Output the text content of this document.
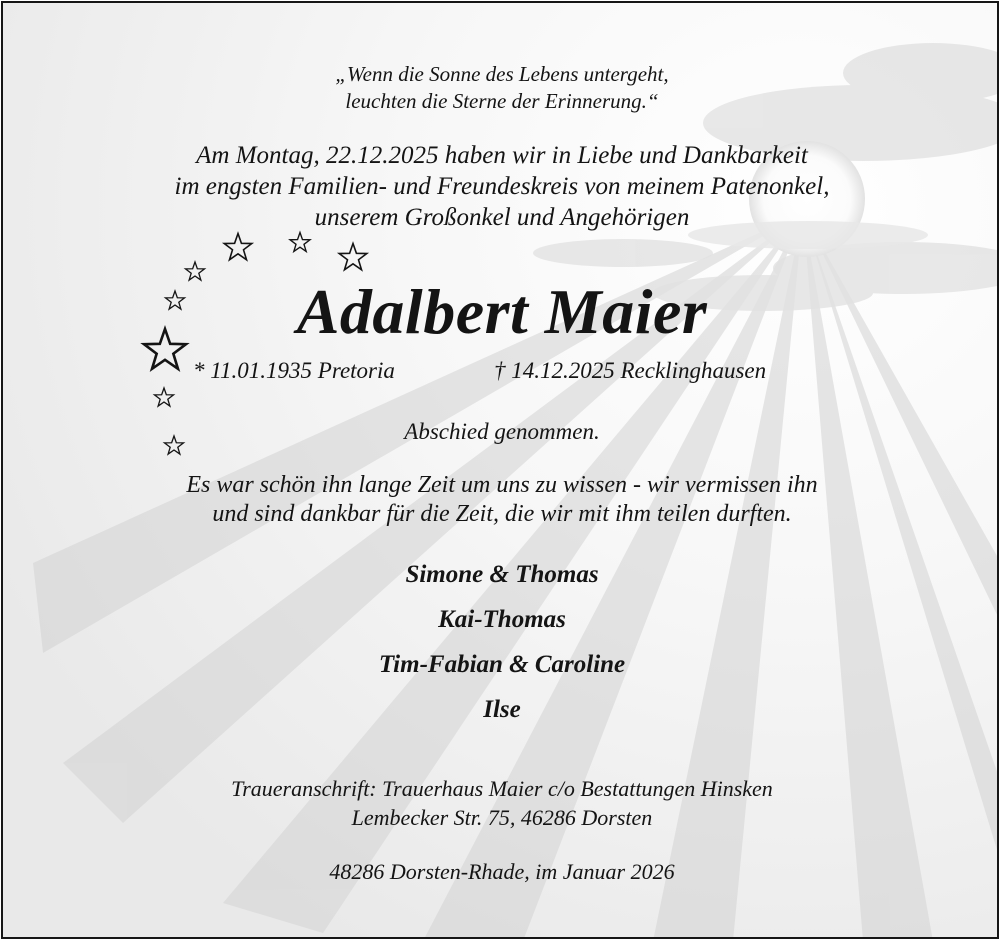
„Wenn die Sonne des Lebens untergeht,
leuchten die Sterne der Erinnerung.“
Am Montag, 22.12.2025 haben wir in Liebe und Dankbarkeit
im engsten Familien- und Freundeskreis von meinem Patenonkel,
unserem Großonkel und Angehörigen
Adalbert Maier
* 11.01.1935 Pretoria	† 14.12.2025 Recklinghausen
Abschied genommen.
Es war schön ihn lange Zeit um uns zu wissen - wir vermissen ihn
und sind dankbar für die Zeit, die wir mit ihm teilen durften.
Simone & Thomas
Kai-Thomas
Tim-Fabian & Caroline
Ilse
Traueranschrift: Trauerhaus Maier c/o Bestattungen Hinsken
Lembecker Str. 75, 46286 Dorsten
48286 Dorsten-Rhade, im Januar 2026
